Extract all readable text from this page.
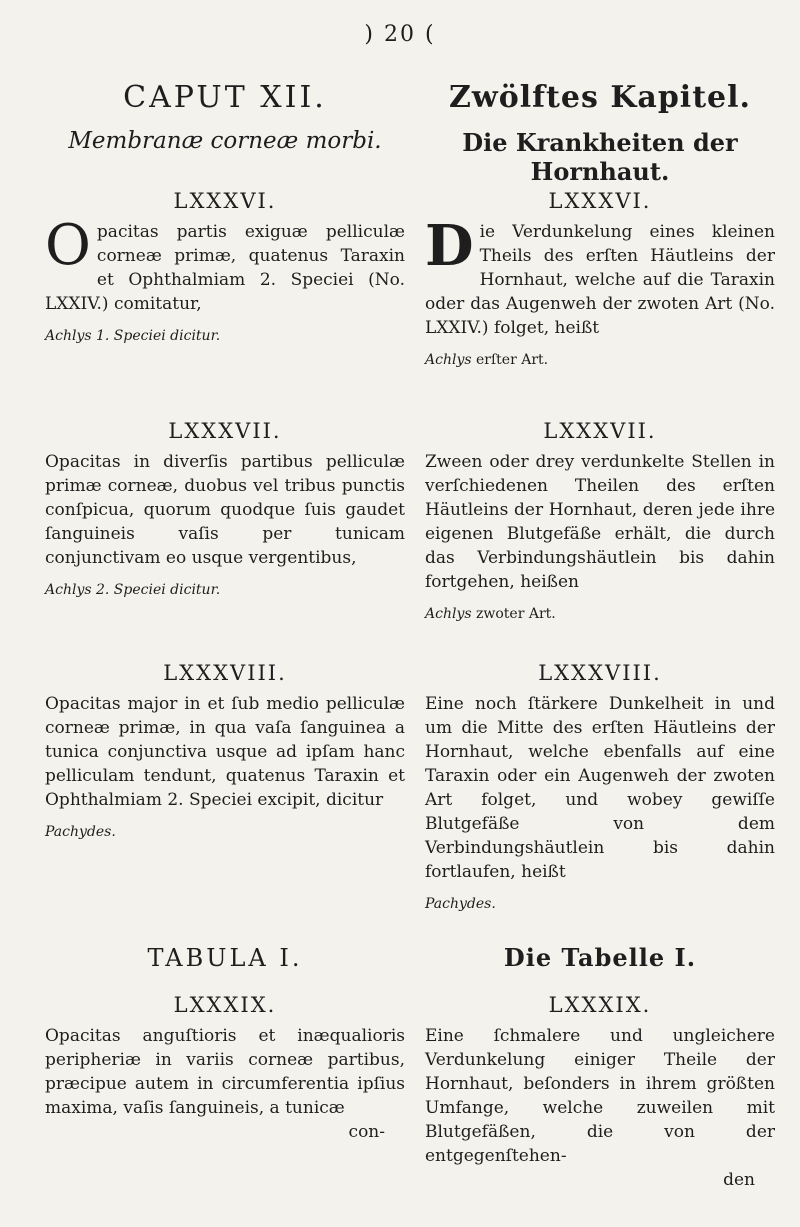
) 20 (
CAPUT XII.
Membranæ corneæ morbi.
LXXXVI.
Opacitas partis exiguæ pelliculæ corneæ primæ, quatenus Taraxin et Ophthalmiam 2. Speciei (No. LXXIV.) comitatur,
Achlys 1. Speciei dicitur.
LXXXVII.
Opacitas in diverſis partibus pelliculæ primæ corneæ, duobus vel tribus punctis conſpicua, quorum quodque ſuis gaudet ſanguineis vaſis per tunicam conjunctivam eo usque vergentibus,
Achlys 2. Speciei dicitur.
LXXXVIII.
Opacitas major in et ſub medio pelliculæ corneæ primæ, in qua vaſa ſanguinea a tunica conjunctiva usque ad ipſam hanc pelliculam tendunt, quatenus Taraxin et Ophthalmiam 2. Speciei excipit, dicitur
Pachydes.
TABULA I.
LXXXIX.
Opacitas anguſtioris et inæqualioris peripheriæ in variis corneæ partibus, præcipue autem in circumferentia ipſius maxima, vaſis ſanguineis, a tunicæ
con-
Zwölftes Kapitel.
Die Krankheiten der Hornhaut.
LXXXVI.
Die Verdunkelung eines kleinen Theils des erſten Häutleins der Hornhaut, welche auf die Taraxin oder das Augenweh der zwoten Art (No. LXXIV.) folget, heißt
Achlys erſter Art.
LXXXVII.
Zween oder drey verdunkelte Stellen in verſchiedenen Theilen des erſten Häutleins der Hornhaut, deren jede ihre eigenen Blutgefäße erhält, die durch das Verbindungshäutlein bis dahin fortgehen, heißen
Achlys zwoter Art.
LXXXVIII.
Eine noch ſtärkere Dunkelheit in und um die Mitte des erſten Häutleins der Hornhaut, welche ebenfalls auf eine Taraxin oder ein Augenweh der zwoten Art folget, und wobey gewiſſe Blutgefäße von dem Verbindungshäutlein bis dahin fortlaufen, heißt
Pachydes.
Die Tabelle I.
LXXXIX.
Eine ſchmalere und ungleichere Verdunkelung einiger Theile der Hornhaut, beſonders in ihrem größten Umfange, welche zuweilen mit Blutgefäßen, die von der entgegenſtehen-
den
